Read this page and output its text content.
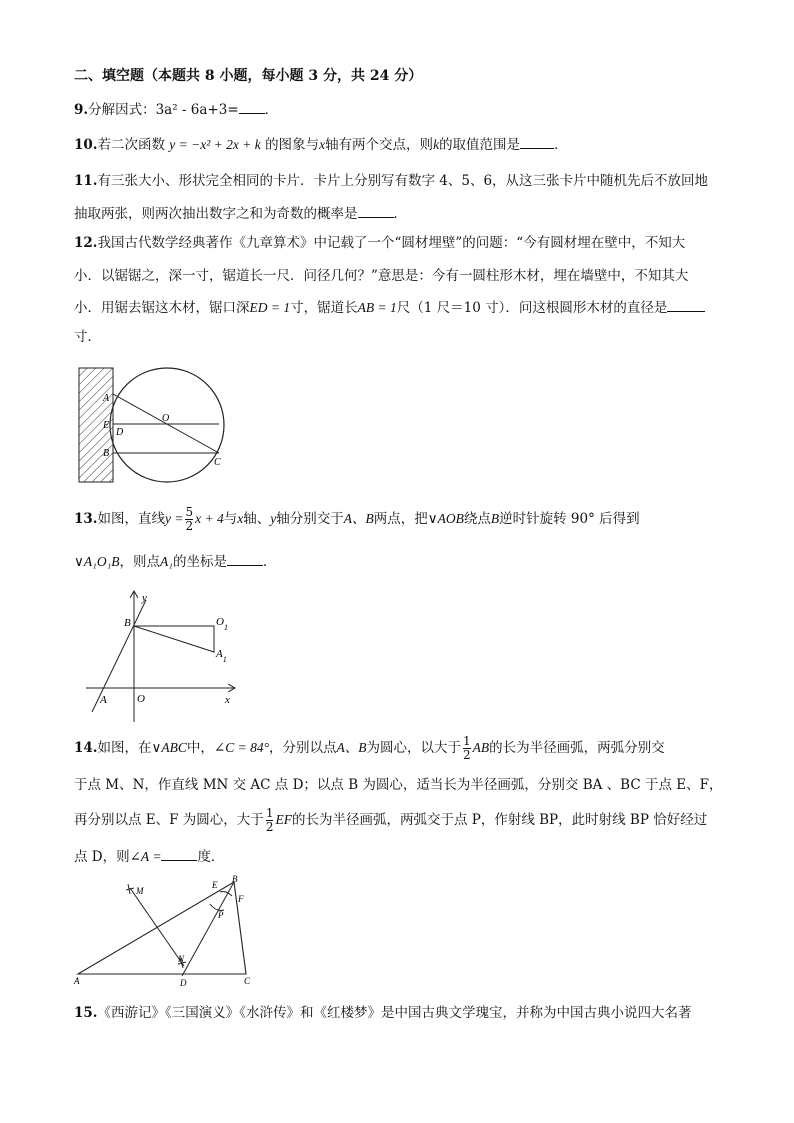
二、填空题（本题共 8 小题，每小题 3 分，共 24 分）
9.分解因式：3a² - 6a+3= ．
10.若二次函数 y = −x² + 2x + k 的图象与x轴有两个交点，则k的取值范围是	．
11.有三张大小、形状完全相同的卡片．卡片上分别写有数字 4、5、6，从这三张卡片中随机先后不放回地
抽取两张，则两次抽出数字之和为奇数的概率是	．
12.我国古代数学经典著作《九章算术》中记载了一个“圆材埋壁”的问题：“今有圆材埋在壁中，不知大
小．以锯锯之，深一寸，锯道长一尺．问径几何？”意思是：今有一圆柱形木材，埋在墙壁中，不知其大
小．用锯去锯这木材，锯口深ED = 1寸，锯道长AB = 1尺（1 尺＝10 寸）．问这根圆形木材的直径是
寸．
A
E
D
B
O
C
13.如图，直线$y = \frac{5}{2}$ x + 4与x轴、y轴分别交于A、B两点，把∨AOB绕点B逆时针旋转 90° 后得到
∨A₁O₁B，则点A₁的坐标是	．
y
B	$O_1$
$A_1$
A	O	x
14.如图，在∨ABC中，∠C = 84°，分别以点A、B为圆心，以大于 $\frac{1}{2}$ AB的长为半径画弧，两弧分别交
于点 M、N，作直线 MN 交 AC 点 D；以点 B 为圆心，适当长为半径画弧，分别交 BA 、BC 于点 E、F，
再分别以点 E、F 为圆心，大于 $\frac{1}{2}$ EF的长为半径画弧，两弧交于点 P，作射线 BP，此时射线 BP 恰好经过
点 D，则∠A =	度．
M
E
B
F
P
N
A	D	C
15.《西游记》《三国演义》《水浒传》和《红楼梦》是中国古典文学瑰宝，并称为中国古典小说四大名著
